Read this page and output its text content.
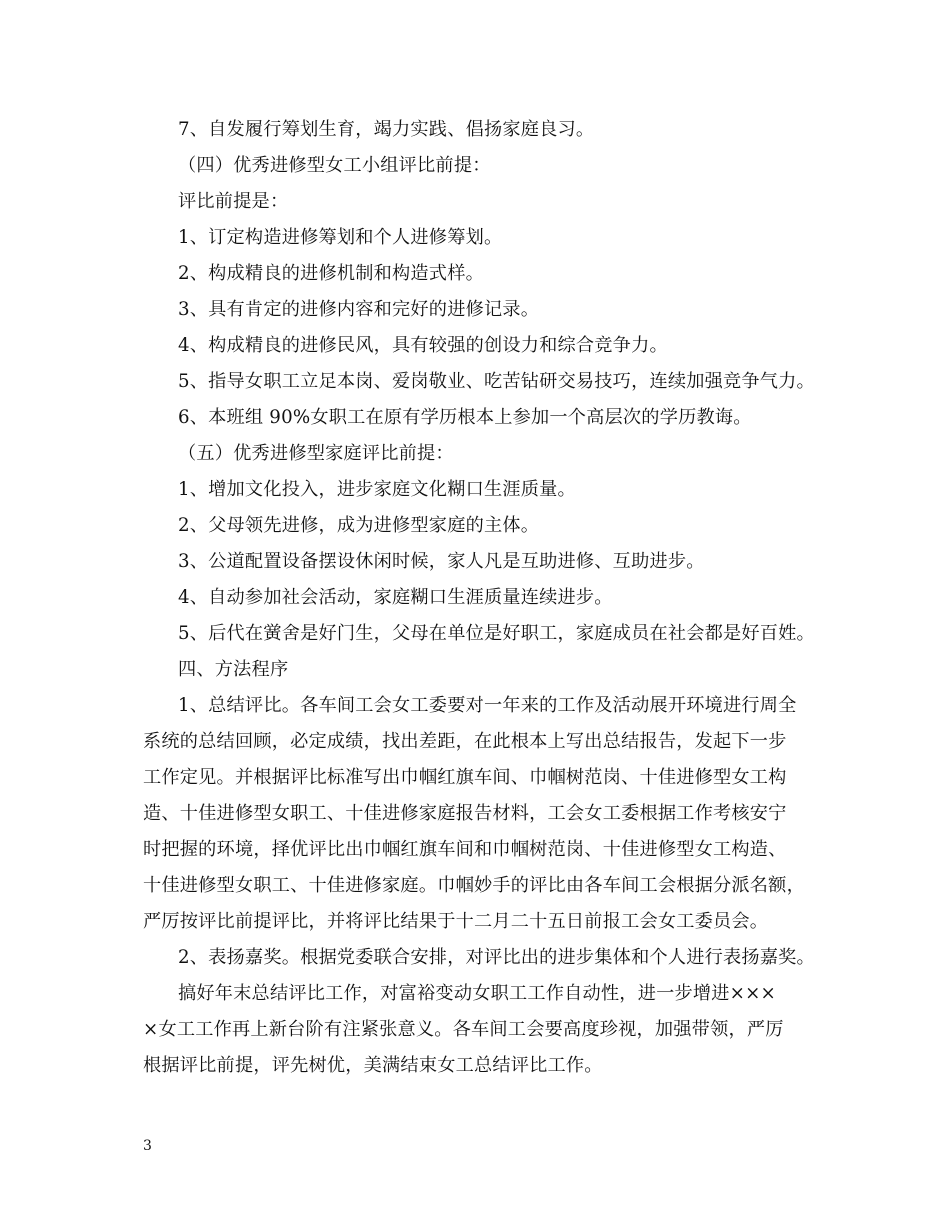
7、自发履行筹划生育，竭力实践、倡扬家庭良习。
（四）优秀进修型女工小组评比前提：
评比前提是：
1、订定构造进修筹划和个人进修筹划。
2、构成精良的进修机制和构造式样。
3、具有肯定的进修内容和完好的进修记录。
4、构成精良的进修民风，具有较强的创设力和综合竞争力。
5、指导女职工立足本岗、爱岗敬业、吃苦钻研交易技巧，连续加强竞争气力。
6、本班组 90%女职工在原有学历根本上参加一个高层次的学历教诲。
（五）优秀进修型家庭评比前提：
1、增加文化投入，进步家庭文化糊口生涯质量。
2、父母领先进修，成为进修型家庭的主体。
3、公道配置设备摆设休闲时候，家人凡是互助进修、互助进步。
4、自动参加社会活动，家庭糊口生涯质量连续进步。
5、后代在黉舍是好门生，父母在单位是好职工，家庭成员在社会都是好百姓。
四、方法程序
1、总结评比。各车间工会女工委要对一年来的工作及活动展开环境进行周全
系统的总结回顾，必定成绩，找出差距，在此根本上写出总结报告，发起下一步
工作定见。并根据评比标准写出巾帼红旗车间、巾帼树范岗、十佳进修型女工构
造、十佳进修型女职工、十佳进修家庭报告材料，工会女工委根据工作考核安宁
时把握的环境，择优评比出巾帼红旗车间和巾帼树范岗、十佳进修型女工构造、
十佳进修型女职工、十佳进修家庭。巾帼妙手的评比由各车间工会根据分派名额，
严厉按评比前提评比，并将评比结果于十二月二十五日前报工会女工委员会。
2、表扬嘉奖。根据党委联合安排，对评比出的进步集体和个人进行表扬嘉奖。
搞好年末总结评比工作，对富裕变动女职工工作自动性，进一步增进×××
×女工工作再上新台阶有注紧张意义。各车间工会要高度珍视，加强带领，严厉
根据评比前提，评先树优，美满结束女工总结评比工作。
3
